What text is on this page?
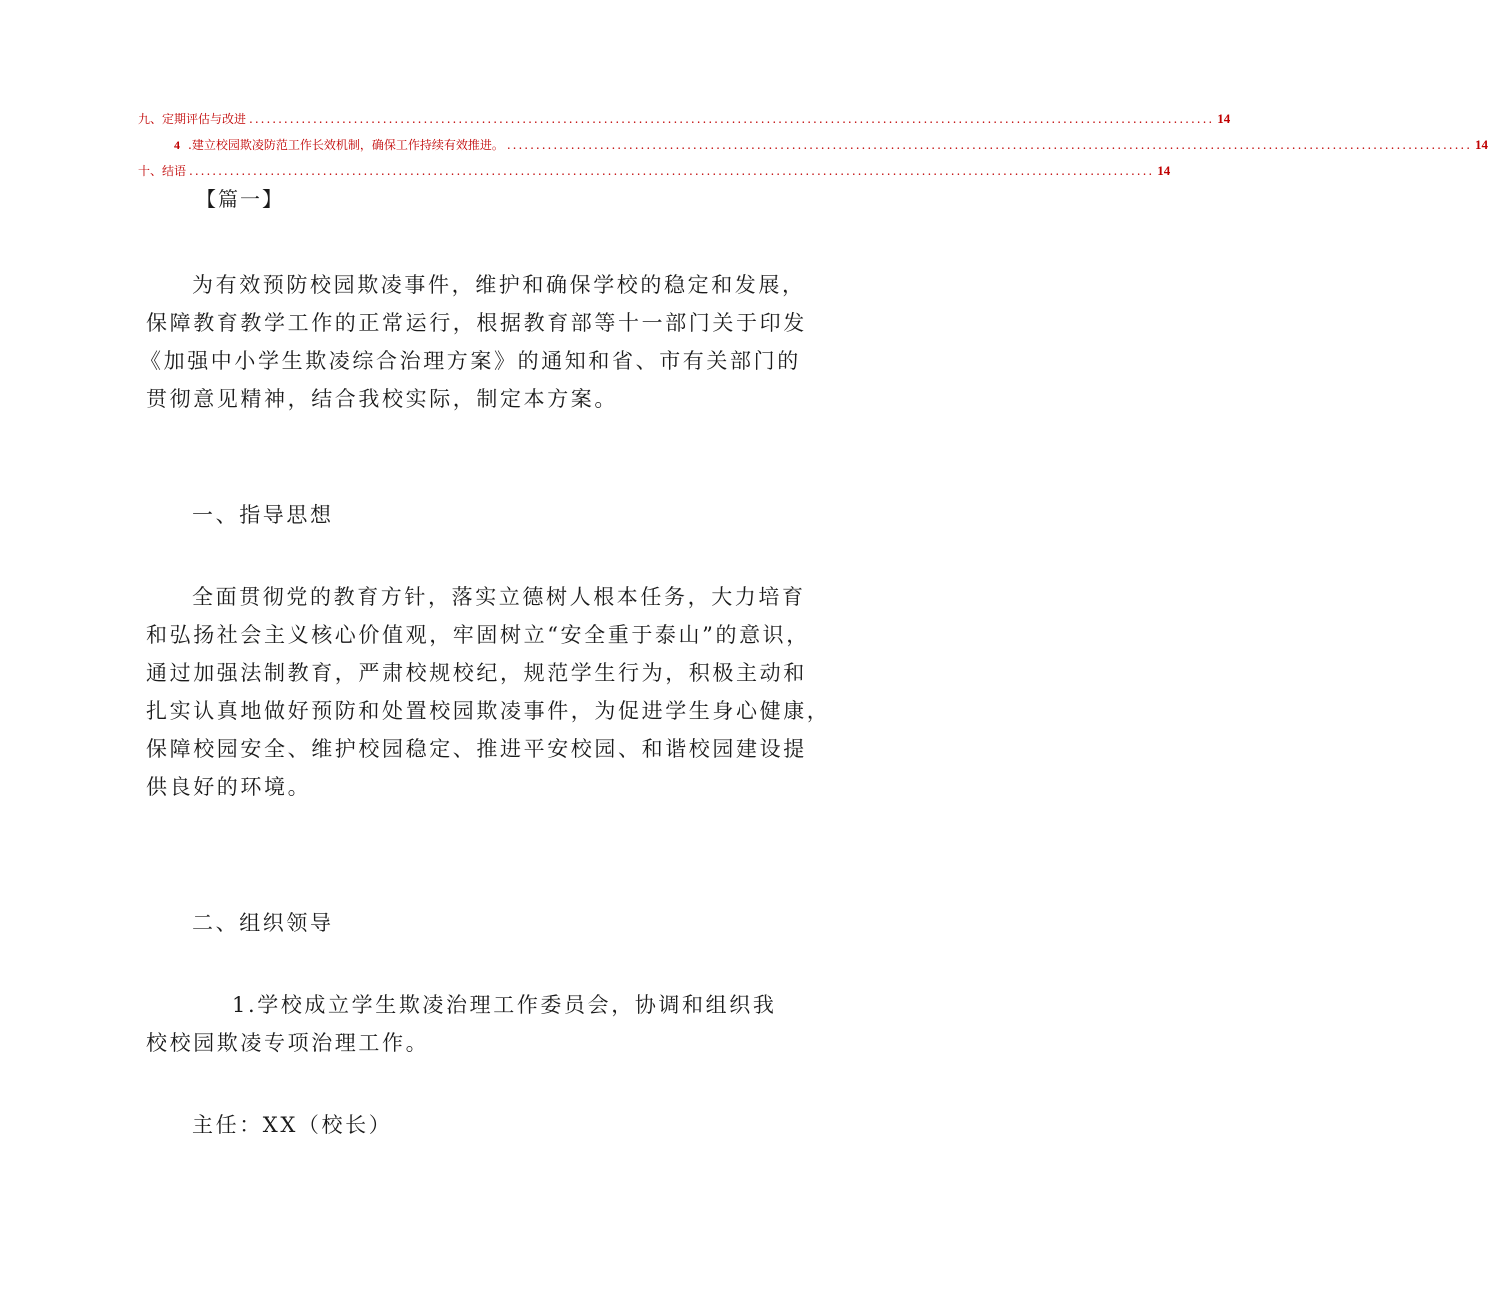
九、定期评估与改进 ...................................................................................................................................................................... 14
4 .建立校园欺凌防范工作长效机制，确保工作持续有效推进。 ...................................................................................................................................................................... 14
十、结语 ...................................................................................................................................................................... 14
【篇一】
为有效预防校园欺凌事件，维护和确保学校的稳定和发展，
保障教育教学工作的正常运行，根据教育部等十一部门关于印发
《加强中小学生欺凌综合治理方案》的通知和省、市有关部门的
贯彻意见精神，结合我校实际，制定本方案。
一、指导思想
全面贯彻党的教育方针，落实立德树人根本任务，大力培育
和弘扬社会主义核心价值观，牢固树立“安全重于泰山”的意识，
通过加强法制教育，严肃校规校纪，规范学生行为，积极主动和
扎实认真地做好预防和处置校园欺凌事件，为促进学生身心健康，
保障校园安全、维护校园稳定、推进平安校园、和谐校园建设提
供良好的环境。
二、组织领导
1.学校成立学生欺凌治理工作委员会，协调和组织我
校校园欺凌专项治理工作。
主任：XX（校长）
